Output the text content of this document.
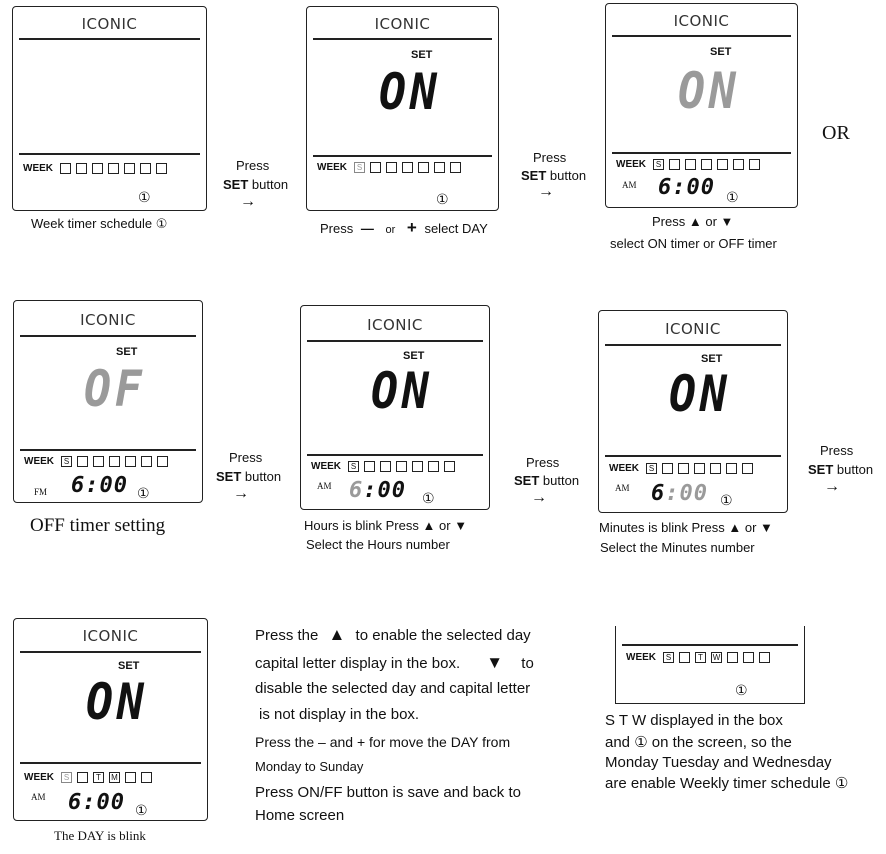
ICONIC
WEEK
①
Week timer schedule ①
Press
SET button
→
ICONIC
SET
ON
WEEK	S
①
Press — or + select DAY
Press
SET button
→
ICONIC
SET
ON
WEEK	S
AM 6:00 ①
Press ▲ or ▼
select ON timer or OFF timer
OR
ICONIC
SET
OF
WEEK	S
FM 6:00 ①
OFF timer setting
Press
SET button
→
ICONIC
SET
ON
WEEK	S
AM 6:00 ①
Hours is blink Press ▲ or ▼
Select the Hours number
Press
SET button
→
ICONIC
SET
ON
WEEK	S
AM 6:00 ①
Minutes is blink Press ▲ or ▼
Select the Minutes number
Press
SET button
→
ICONIC
SET
ON
WEEK	S	T	M
AM 6:00 ①
The DAY is blink
Press the ▲ to enable the selected day
capital letter display in the box. ▼ to
disable the selected day and capital letter
is not display in the box.
Press the – and + for move the DAY from
Monday to Sunday
Press ON/FF button is save and back to
Home screen
WEEK	S	T	W
①
S T W displayed in the box
and ① on the screen, so the
Monday Tuesday and Wednesday
are enable Weekly timer schedule ①
